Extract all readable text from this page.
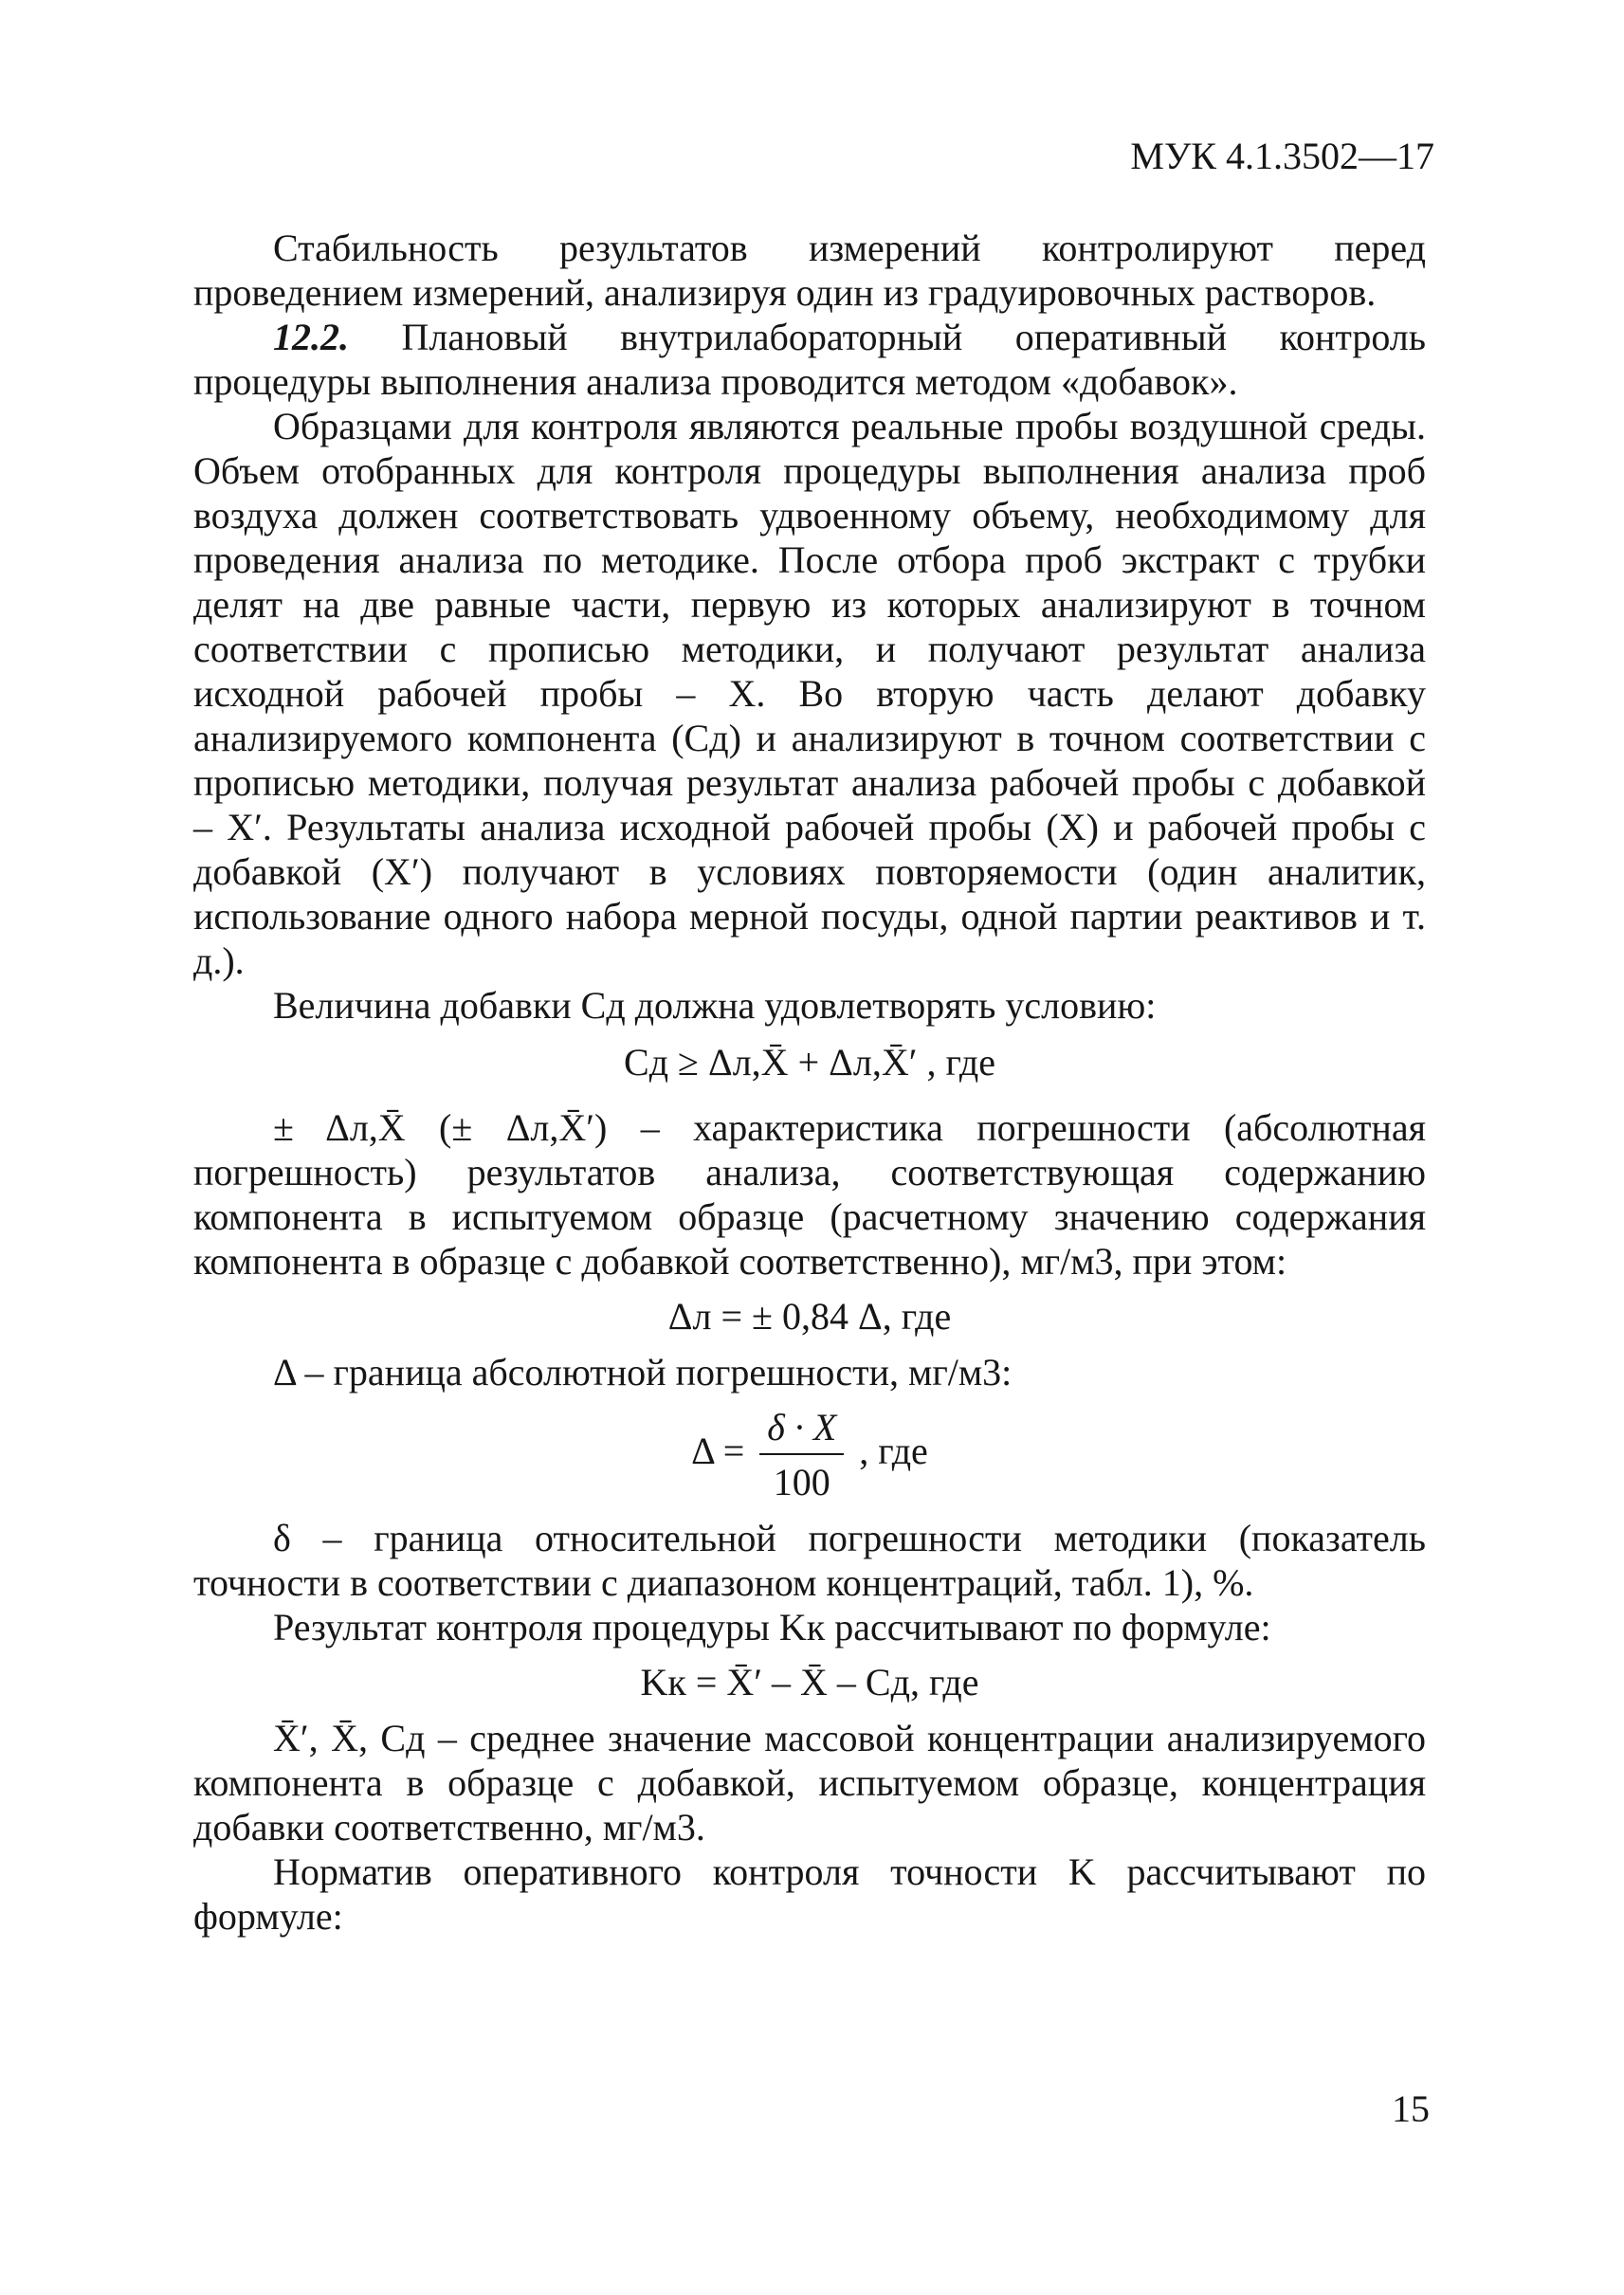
МУК 4.1.3502—17

Стабильность результатов измерений контролируют перед проведением измерений, анализируя один из градуировочных растворов.

12.2. Плановый внутрилабораторный оперативный контроль процедуры выполнения анализа проводится методом «добавок».

Образцами для контроля являются реальные пробы воздушной среды. Объем отобранных для контроля процедуры выполнения анализа проб воздуха должен соответствовать удвоенному объему, необходимому для проведения анализа по методике. После отбора проб экстракт с трубки делят на две равные части, первую из которых анализируют в точном соответствии с прописью методики, и получают результат анализа исходной рабочей пробы – X. Во вторую часть делают добавку анализируемого компонента (Cд) и анализируют в точном соответствии с прописью методики, получая результат анализа рабочей пробы с добавкой – X′. Результаты анализа исходной рабочей пробы (X) и рабочей пробы с добавкой (X′) получают в условиях повторяемости (один аналитик, использование одного набора мерной посуды, одной партии реактивов и т. д.).

Величина добавки Cд должна удовлетворять условию:

Cд ≥ Δл,X̄ + Δл,X̄′ , где

± Δл,X̄ (± Δл,X̄′) – характеристика погрешности (абсолютная погрешность) результатов анализа, соответствующая содержанию компонента в испытуемом образце (расчетному значению содержания компонента в образце с добавкой соответственно), мг/м3, при этом:

Δл = ± 0,84 Δ, где

Δ – граница абсолютной погрешности, мг/м3:

$\Delta = \frac{\delta \cdot X}{100}$ , где

δ – граница относительной погрешности методики (показатель точности в соответствии с диапазоном концентраций, табл. 1), %.

Результат контроля процедуры Kк рассчитывают по формуле:

Kк = X̄′ – X̄ – Cд, где

X̄′, X̄, Cд – среднее значение массовой концентрации анализируемого компонента в образце с добавкой, испытуемом образце, концентрация добавки соответственно, мг/м3.

Норматив оперативного контроля точности K рассчитывают по формуле:

15
